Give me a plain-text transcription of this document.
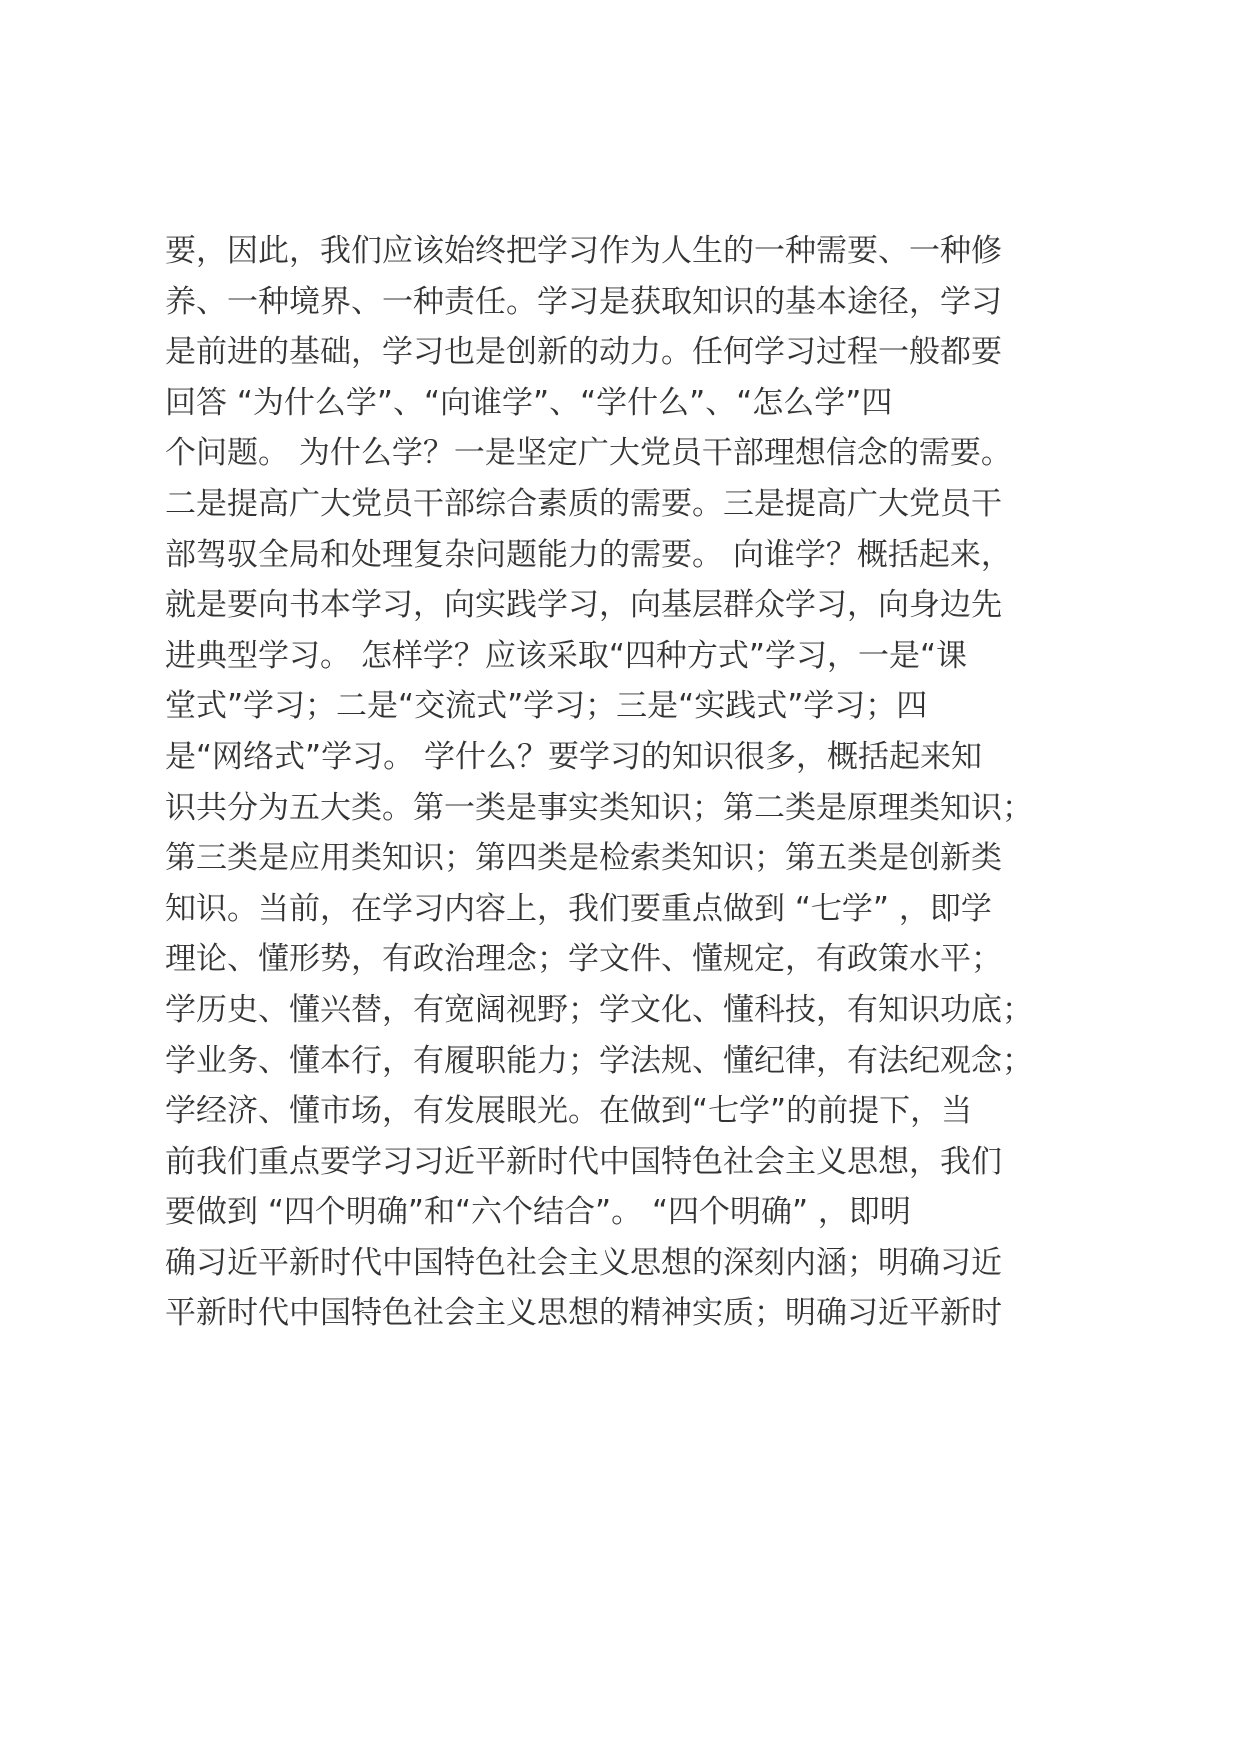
要，因此，我们应该始终把学习作为人生的一种需要、一种修
养、一种境界、一种责任。学习是获取知识的基本途径，学习
是前进的基础，学习也是创新的动力。任何学习过程一般都要
回答 “为什么学”、“向谁学”、“学什么”、“怎么学”四
个问题。 为什么学？一是坚定广大党员干部理想信念的需要。
二是提高广大党员干部综合素质的需要。三是提高广大党员干
部驾驭全局和处理复杂问题能力的需要。 向谁学？概括起来，
就是要向书本学习，向实践学习，向基层群众学习，向身边先
进典型学习。 怎样学？应该采取“四种方式”学习，一是“课
堂式”学习；二是“交流式”学习；三是“实践式”学习；四
是“网络式”学习。 学什么？要学习的知识很多，概括起来知
识共分为五大类。第一类是事实类知识；第二类是原理类知识；
第三类是应用类知识；第四类是检索类知识；第五类是创新类
知识。当前，在学习内容上，我们要重点做到 “七学” ，即学
理论、懂形势，有政治理念；学文件、懂规定，有政策水平；
学历史、懂兴替，有宽阔视野；学文化、懂科技，有知识功底；
学业务、懂本行，有履职能力；学法规、懂纪律，有法纪观念；
学经济、懂市场，有发展眼光。在做到“七学”的前提下，当
前我们重点要学习习近平新时代中国特色社会主义思想，我们
要做到 “四个明确”和“六个结合”。 “四个明确” ，即明
确习近平新时代中国特色社会主义思想的深刻内涵；明确习近
平新时代中国特色社会主义思想的精神实质；明确习近平新时
